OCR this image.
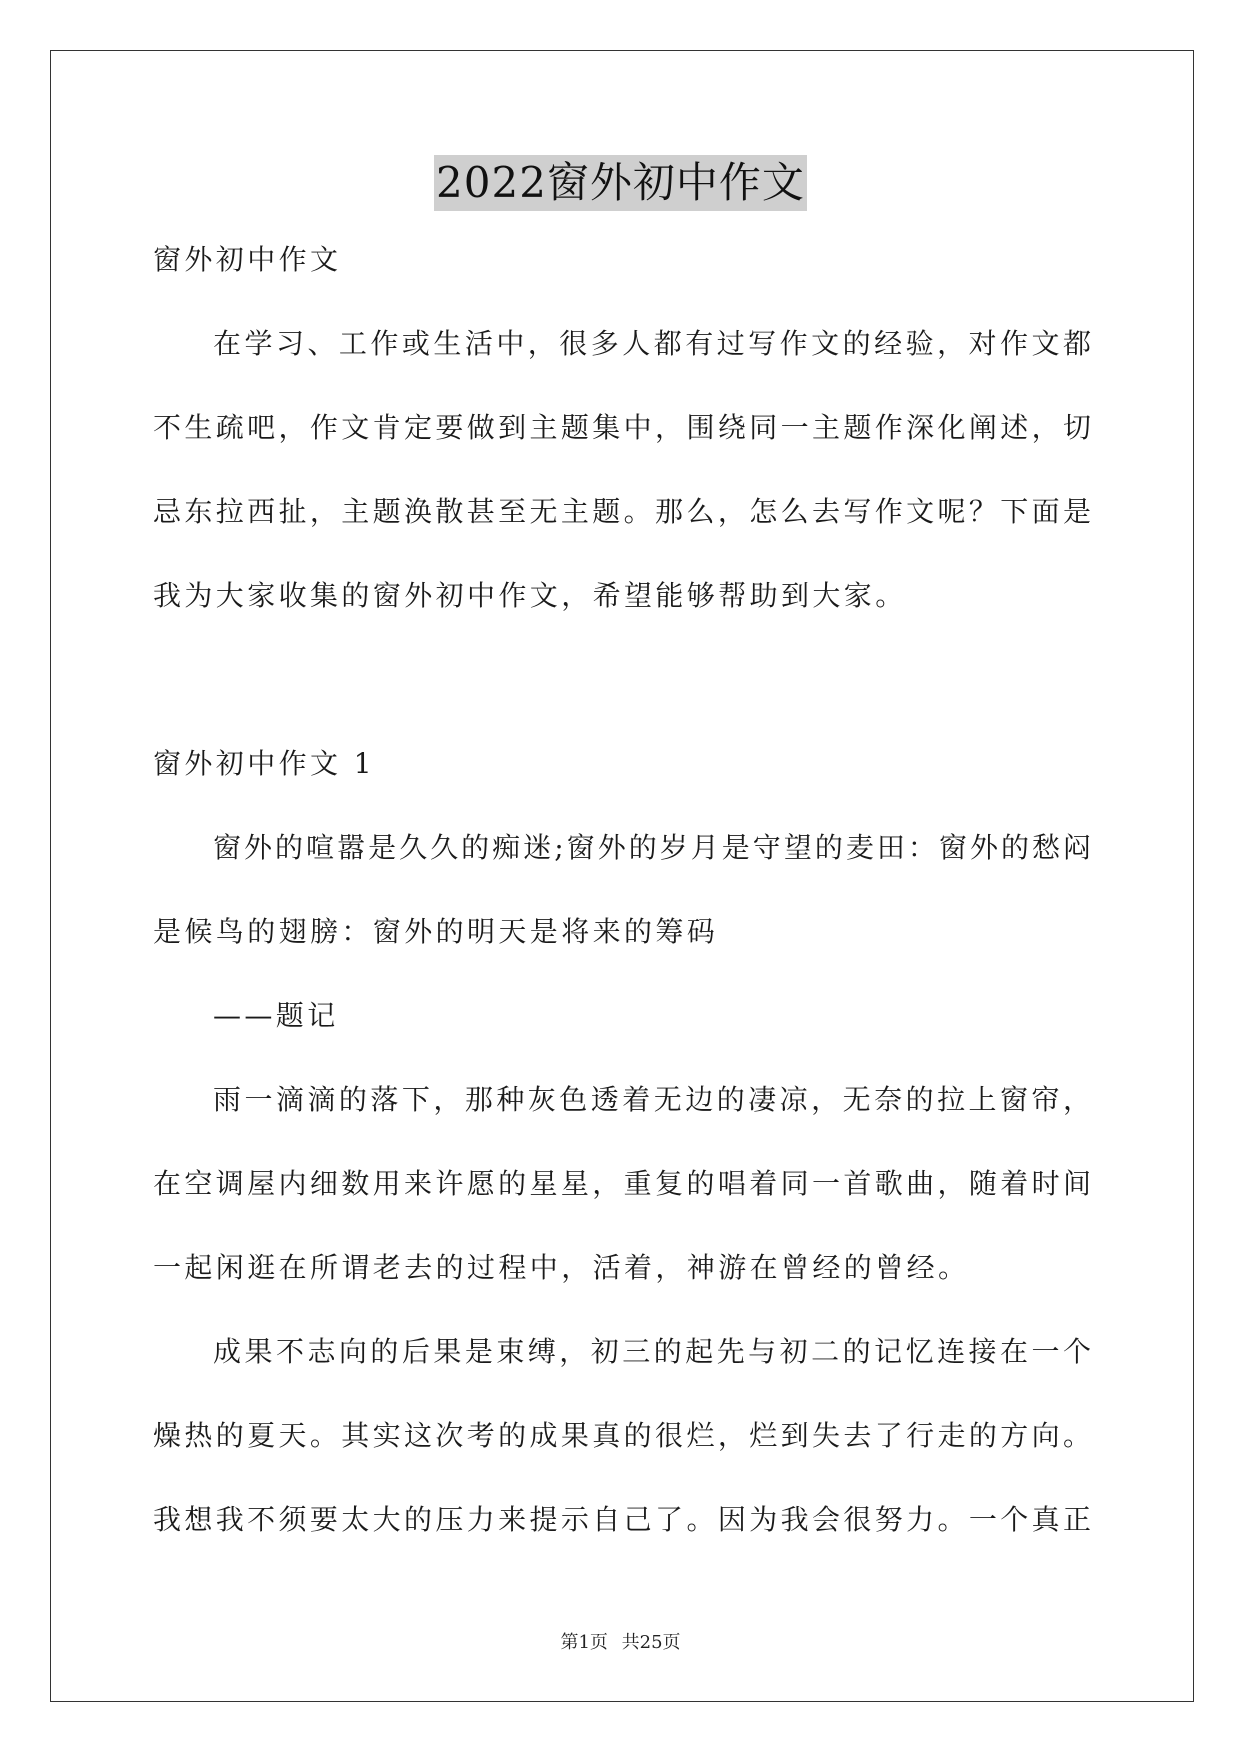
2022窗外初中作文
窗外初中作文
在学习、工作或生活中，很多人都有过写作文的经验，对作文都
不生疏吧，作文肯定要做到主题集中，围绕同一主题作深化阐述，切
忌东拉西扯，主题涣散甚至无主题。那么，怎么去写作文呢？下面是
我为大家收集的窗外初中作文，希望能够帮助到大家。
窗外初中作文 1
窗外的喧嚣是久久的痴迷;窗外的岁月是守望的麦田：窗外的愁闷
是候鸟的翅膀：窗外的明天是将来的筹码
——题记
雨一滴滴的落下，那种灰色透着无边的凄凉，无奈的拉上窗帘，
在空调屋内细数用来许愿的星星，重复的唱着同一首歌曲，随着时间
一起闲逛在所谓老去的过程中，活着，神游在曾经的曾经。
成果不志向的后果是束缚，初三的起先与初二的记忆连接在一个
燥热的夏天。其实这次考的成果真的很烂，烂到失去了行走的方向。
我想我不须要太大的压力来提示自己了。因为我会很努力。一个真正
第1页 共25页
